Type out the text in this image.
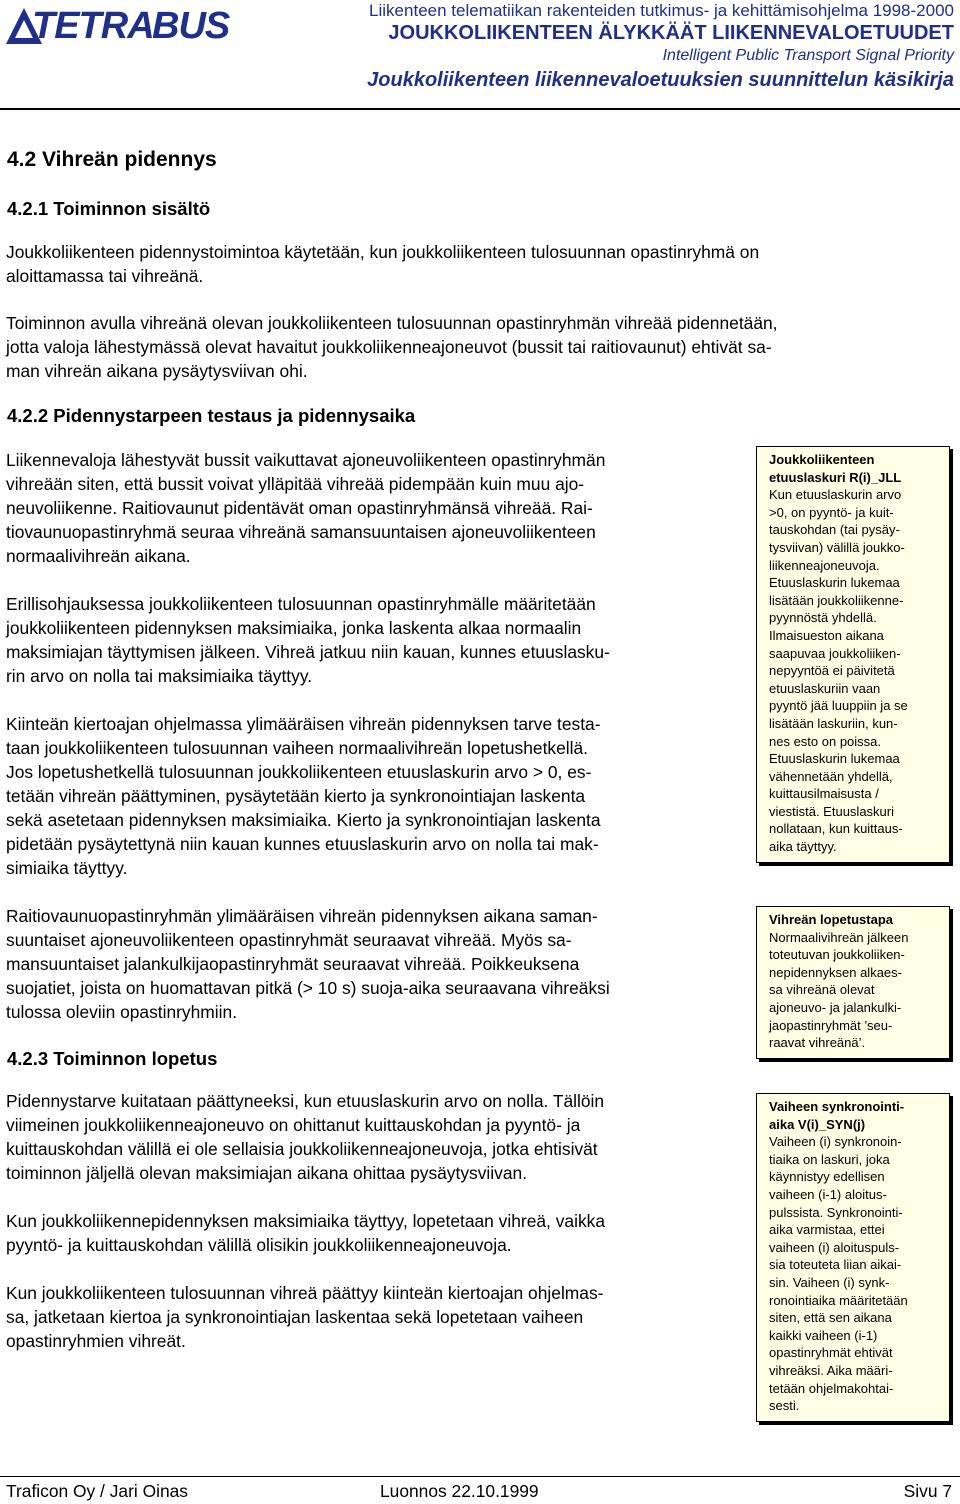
TETRA
BUS	Liikenteen telematiikan rakenteiden tutkimus- ja kehittämisohjelma 1998-2000
JOUKKOLIIKENTEEN ÄLYKKÄÄT LIIKENNEVALOETUUDET
Intelligent Public Transport Signal Priority
Joukkoliikenteen liikennevaloetuuksien suunnittelun käsikirja
4.2 Vihreän pidennys
4.2.1 Toiminnon sisältö
Joukkoliikenteen pidennystoimintoa käytetään, kun joukkoliikenteen tulosuunnan opastinryhmä on
aloittamassa tai vihreänä.
Toiminnon avulla vihreänä olevan joukkoliikenteen tulosuunnan opastinryhmän vihreää pidennetään,
jotta valoja lähestymässä olevat havaitut joukkoliikenneajoneuvot (bussit tai raitiovaunut) ehtivät sa-
man vihreän aikana pysäytysviivan ohi.
4.2.2 Pidennystarpeen testaus ja pidennysaika
Liikennevaloja lähestyvät bussit vaikuttavat ajoneuvoliikenteen opastinryhmän
vihreään siten, että bussit voivat ylläpitää vihreää pidempään kuin muu ajo-
neuvoliikenne. Raitiovaunut pidentävät oman opastinryhmänsä vihreää. Rai-
tiovaunuopastinryhmä seuraa vihreänä samansuuntaisen ajoneuvoliikenteen
normaalivihreän aikana.
Erillisohjauksessa joukkoliikenteen tulosuunnan opastinryhmälle määritetään
joukkoliikenteen pidennyksen maksimiaika, jonka laskenta alkaa normaalin
maksimiajan täyttymisen jälkeen. Vihreä jatkuu niin kauan, kunnes etuuslasku-
rin arvo on nolla tai maksimiaika täyttyy.
Kiinteän kiertoajan ohjelmassa ylimääräisen vihreän pidennyksen tarve testa-
taan joukkoliikenteen tulosuunnan vaiheen normaalivihreän lopetushetkellä.
Jos lopetushetkellä tulosuunnan joukkoliikenteen etuuslaskurin arvo > 0, es-
tetään vihreän päättyminen, pysäytetään kierto ja synkronointiajan laskenta
sekä asetetaan pidennyksen maksimiaika. Kierto ja synkronointiajan laskenta
pidetään pysäytettynä niin kauan kunnes etuuslaskurin arvo on nolla tai mak-
simiaika täyttyy.
Raitiovaunuopastinryhmän ylimääräisen vihreän pidennyksen aikana saman-
suuntaiset ajoneuvoliikenteen opastinryhmät seuraavat vihreää. Myös sa-
mansuuntaiset jalankulkijaopastinryhmät seuraavat vihreää. Poikkeuksena
suojatiet, joista on huomattavan pitkä (> 10 s) suoja-aika seuraavana vihreäksi
tulossa oleviin opastinryhmiin.
4.2.3 Toiminnon lopetus
Pidennystarve kuitataan päättyneeksi, kun etuuslaskurin arvo on nolla. Tällöin
viimeinen joukkoliikenneajoneuvo on ohittanut kuittauskohdan ja pyyntö- ja
kuittauskohdan välillä ei ole sellaisia joukkoliikenneajoneuvoja, jotka ehtisivät
toiminnon jäljellä olevan maksimiajan aikana ohittaa pysäytysviivan.
Kun joukkoliikennepidennyksen maksimiaika täyttyy, lopetetaan vihreä, vaikka
pyyntö- ja kuittauskohdan välillä olisikin joukkoliikenneajoneuvoja.
Kun joukkoliikenteen tulosuunnan vihreä päättyy kiinteän kiertoajan ohjelmas-
sa, jatketaan kiertoa ja synkronointiajan laskentaa sekä lopetetaan vaiheen
opastinryhmien vihreät.
Joukkoliikenteen
etuuslaskuri R(i)_JLL
Kun etuuslaskurin arvo
>0, on pyyntö- ja kuit-
tauskohdan (tai pysäy-
tysviivan) välillä joukko-
liikenneajoneuvoja.
Etuuslaskurin lukemaa
lisätään joukkoliikenne-
pyynnöstä yhdellä.
Ilmaisueston aikana
saapuvaa joukkoliiken-
nepyyntöä ei päivitetä
etuuslaskuriin vaan
pyyntö jää luuppiin ja se
lisätään laskuriin, kun-
nes esto on poissa.
Etuuslaskurin lukemaa
vähennetään yhdellä,
kuittausilmaisusta /
viestistä. Etuuslaskuri
nollataan, kun kuittaus-
aika täyttyy.
Vihreän lopetustapa
Normaalivihreän jälkeen
toteutuvan joukkoliiken-
nepidennyksen alkaes-
sa vihreänä olevat
ajoneuvo- ja jalankulki-
jaopastinryhmät ’seu-
raavat vihreänä’.
Vaiheen synkronointi-
aika V(i)_SYN(j)
Vaiheen (i) synkronoin-
tiaika on laskuri, joka
käynnistyy edellisen
vaiheen (i-1) aloitus-
pulssista. Synkronointi-
aika varmistaa, ettei
vaiheen (i) aloituspuls-
sia toteuteta liian aikai-
sin. Vaiheen (i) synk-
ronointiaika määritetään
siten, että sen aikana
kaikki vaiheen (i-1)
opastinryhmät ehtivät
vihreäksi. Aika määri-
tetään ohjelmakohtai-
sesti.
Traficon Oy / Jari Oinas	Luonnos 22.10.1999	Sivu 7
